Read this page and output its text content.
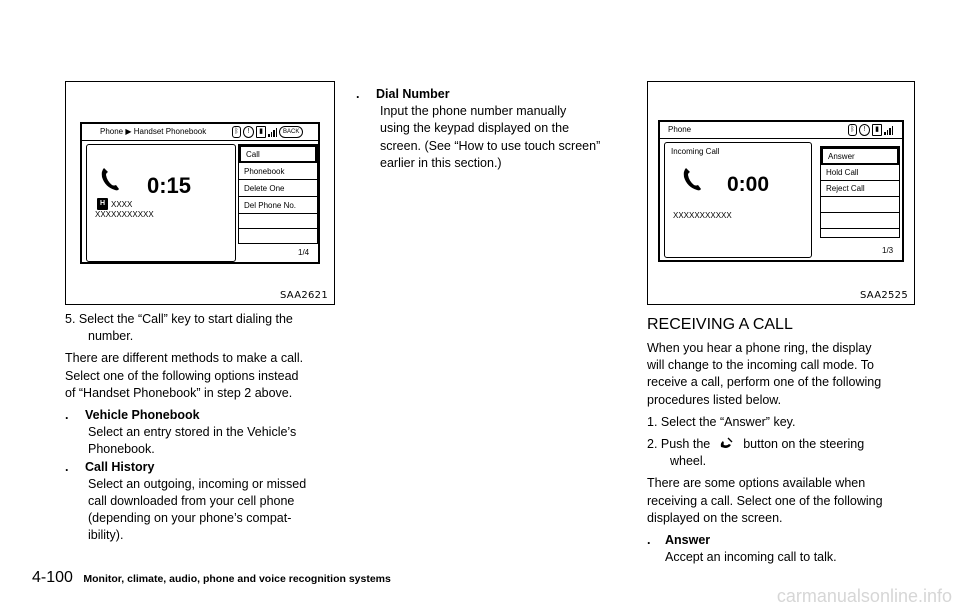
Phone ▶ Handset Phonebook	ᛒ	!	▮	BACK
0:15
H XXXX
XXXXXXXXXXX
Call
Phonebook
Delete One
Del Phone No.
1/4
SAA2621
Phone	ᛒ	!	▮
Incoming Call
0:00
XXXXXXXXXXX
Answer
Hold Call
Reject Call
1/3
SAA2525

5. Select the “Call” key to start dialing the

number.

There are different methods to make a call.

Select one of the following options instead

of “Handset Phonebook” in step 2 above.

. Vehicle Phonebook

Select an entry stored in the Vehicle’s

Phonebook.

. Call History

Select an outgoing, incoming or missed

call downloaded from your cell phone

(depending on your phone’s compat-

ibility).

. Dial Number

Input the phone number manually

using the keypad displayed on the

screen. (See “How to use touch screen”

earlier in this section.)

RECEIVING A CALL

When you hear a phone ring, the display

will change to the incoming call mode. To

receive a call, perform one of the following

procedures listed below.

1. Select the “Answer” key.

2. Push the	button on the steering

wheel.

There are some options available when

receiving a call. Select one of the following

displayed on the screen.

. Answer

Accept an incoming call to talk.

4-100 Monitor, climate, audio, phone and voice recognition systems
carmanualsonline.info
